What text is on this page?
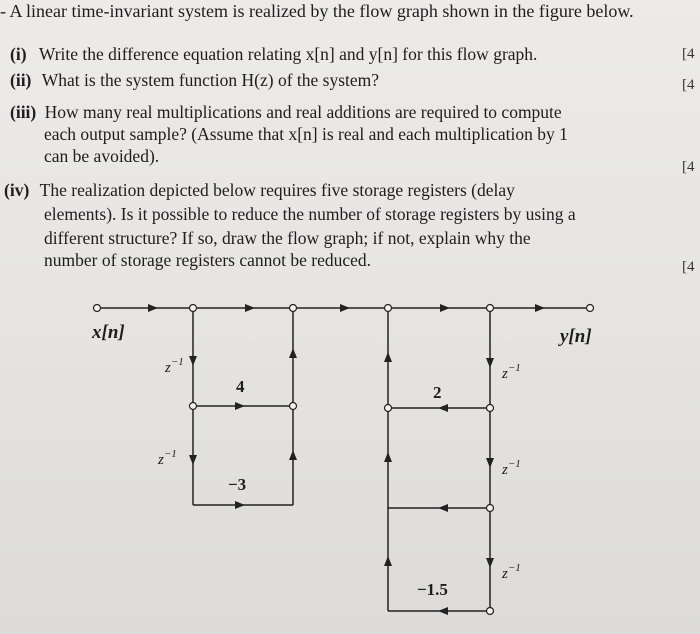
- A linear time-invariant system is realized by the flow graph shown in the figure below.
(i) Write the difference equation relating x[n] and y[n] for this flow graph.	[4
(ii) What is the system function H(z) of the system?	[4
(iii) How many real multiplications and real additions are required to compute
each output sample? (Assume that x[n] is real and each multiplication by 1
can be avoided).
[4
(iv) The realization depicted below requires five storage registers (delay
elements). Is it possible to reduce the number of storage registers by using a
different structure? If so, draw the flow graph; if not, explain why the
number of storage registers cannot be reduced.	[4
x[n]	y[n]
$z^{-1}$
$z^{-1}$
$z^{-1}$
$z^{-1}$
$z^{-1}$
4
−3
2
−1.5
